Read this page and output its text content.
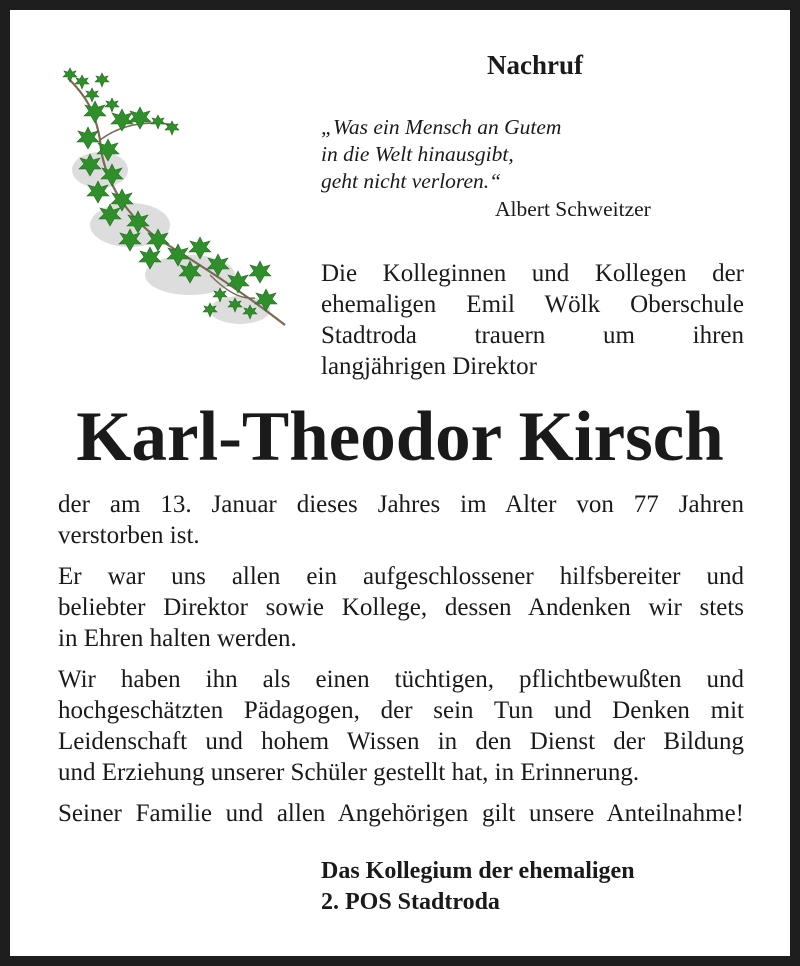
Nachruf
„Was ein Mensch an Gutem
in die Welt hinausgibt,
geht nicht verloren.“
Albert Schweitzer
Die Kolleginnen und Kollegen der
ehemaligen Emil Wölk Oberschule
Stadtroda trauern um ihren
langjährigen Direktor
Karl-Theodor Kirsch
der am 13. Januar dieses Jahres im Alter von 77 Jahren
verstorben ist.
Er war uns allen ein aufgeschlossener hilfsbereiter und
beliebter Direktor sowie Kollege, dessen Andenken wir stets
in Ehren halten werden.
Wir haben ihn als einen tüchtigen, pflichtbewußten und
hochgeschätzten Pädagogen, der sein Tun und Denken mit
Leidenschaft und hohem Wissen in den Dienst der Bildung
und Erziehung unserer Schüler gestellt hat, in Erinnerung.
Seiner Familie und allen Angehörigen gilt unsere Anteilnahme!
Das Kollegium der ehemaligen
2. POS Stadtroda
